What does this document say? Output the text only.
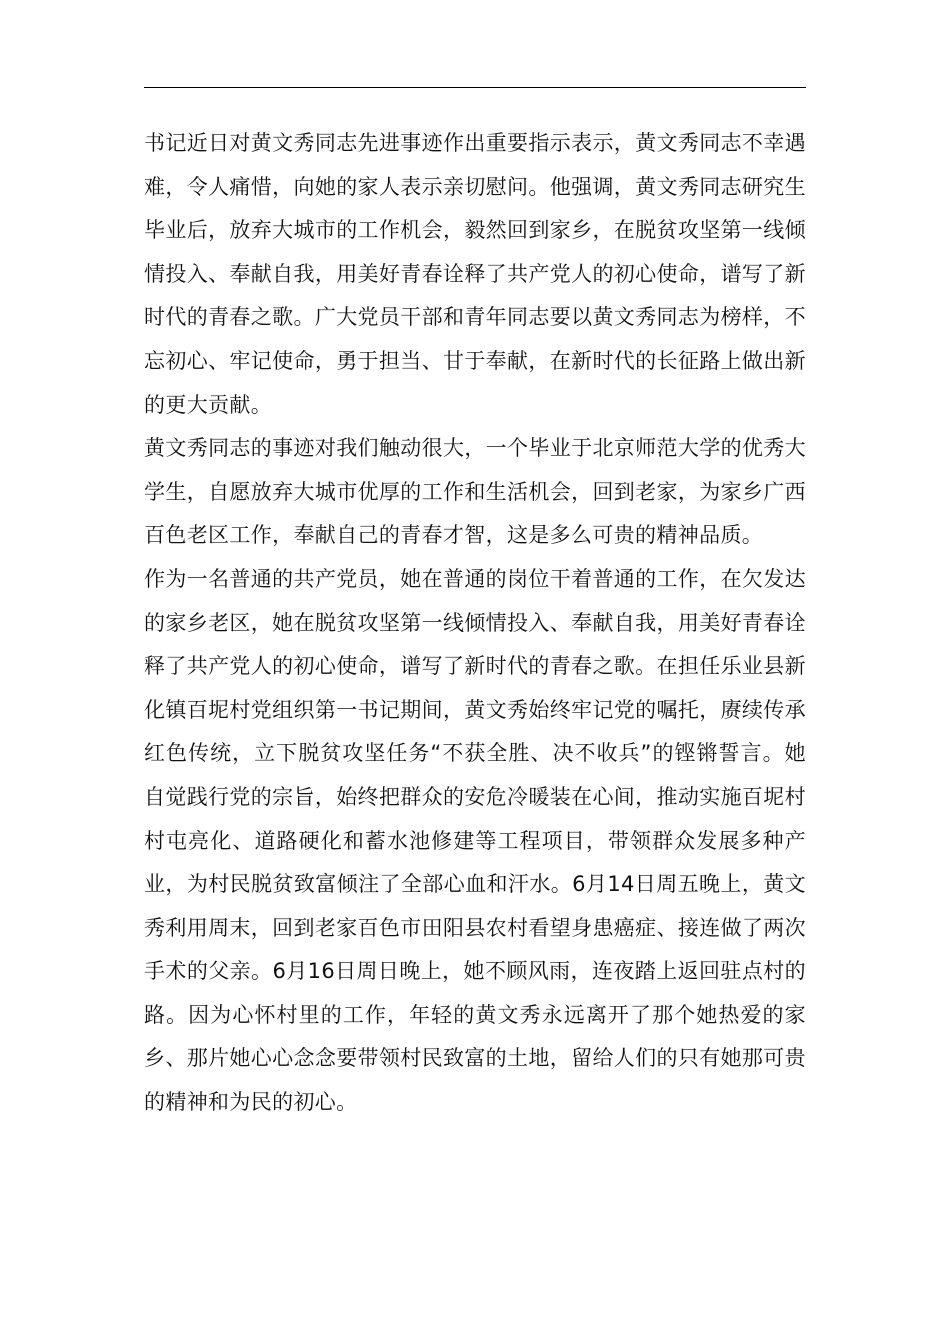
书记近日对黄文秀同志先进事迹作出重要指示表示，黄文秀同志不幸遇难，令人痛惜，向她的家人表示亲切慰问。他强调，黄文秀同志研究生毕业后，放弃大城市的工作机会，毅然回到家乡，在脱贫攻坚第一线倾情投入、奉献自我，用美好青春诠释了共产党人的初心使命，谱写了新时代的青春之歌。广大党员干部和青年同志要以黄文秀同志为榜样，不忘初心、牢记使命，勇于担当、甘于奉献，在新时代的长征路上做出新的更大贡献。

黄文秀同志的事迹对我们触动很大，一个毕业于北京师范大学的优秀大学生，自愿放弃大城市优厚的工作和生活机会，回到老家，为家乡广西百色老区工作，奉献自己的青春才智，这是多么可贵的精神品质。

作为一名普通的共产党员，她在普通的岗位干着普通的工作，在欠发达的家乡老区，她在脱贫攻坚第一线倾情投入、奉献自我，用美好青春诠释了共产党人的初心使命，谱写了新时代的青春之歌。在担任乐业县新化镇百坭村党组织第一书记期间，黄文秀始终牢记党的嘱托，赓续传承红色传统，立下脱贫攻坚任务“不获全胜、决不收兵”的铿锵誓言。她自觉践行党的宗旨，始终把群众的安危冷暖装在心间，推动实施百坭村村屯亮化、道路硬化和蓄水池修建等工程项目，带领群众发展多种产业，为村民脱贫致富倾注了全部心血和汗水。6月14日周五晚上，黄文秀利用周末，回到老家百色市田阳县农村看望身患癌症、接连做了两次手术的父亲。6月16日周日晚上，她不顾风雨，连夜踏上返回驻点村的路。因为心怀村里的工作，年轻的黄文秀永远离开了那个她热爱的家乡、那片她心心念念要带领村民致富的土地，留给人们的只有她那可贵的精神和为民的初心。
